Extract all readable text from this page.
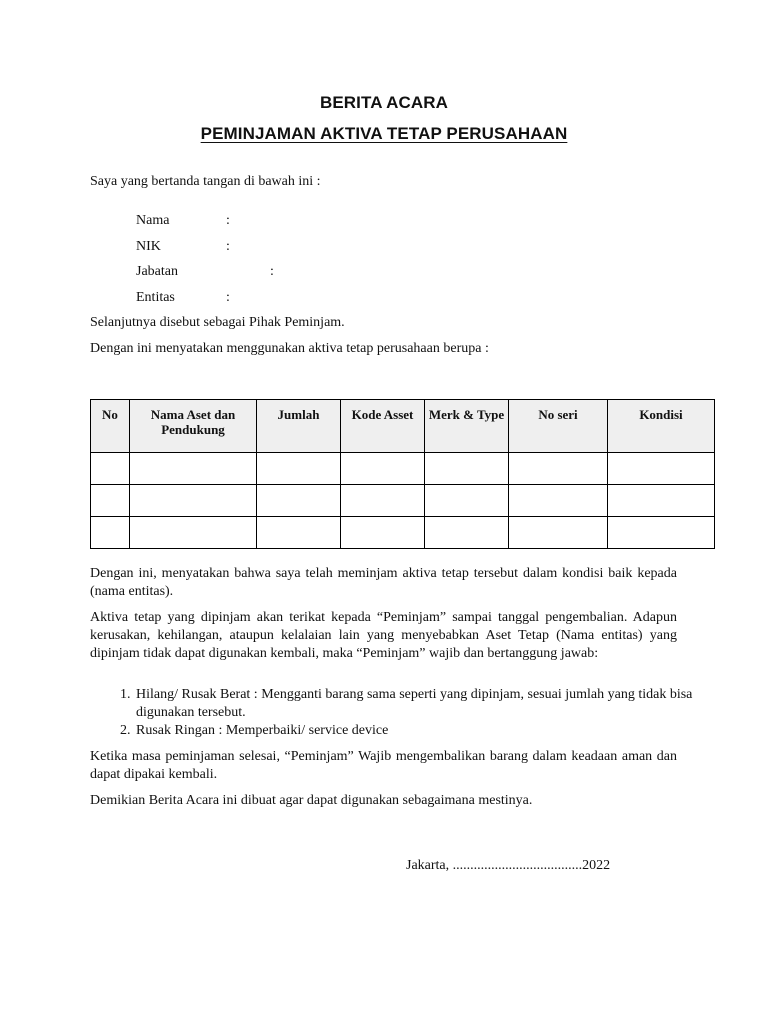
BERITA ACARA
PEMINJAMAN AKTIVA TETAP PERUSAHAAN
Saya yang bertanda tangan di bawah ini :
Nama	:
NIK	:
Jabatan	:
Entitas	:
Selanjutnya disebut sebagai Pihak Peminjam.
Dengan ini menyatakan menggunakan aktiva tetap perusahaan berupa :
No	Nama Aset dan Pendukung	Jumlah	Kode Asset	Merk & Type	No seri	Kondisi

Dengan ini, menyatakan bahwa saya telah meminjam aktiva tetap tersebut dalam kondisi baik kepada (nama entitas).

Aktiva tetap yang dipinjam akan terikat kepada “Peminjam” sampai tanggal pengembalian. Adapun kerusakan, kehilangan, ataupun kelalaian lain yang menyebabkan Aset Tetap (Nama entitas) yang dipinjam tidak dapat digunakan kembali, maka “Peminjam” wajib dan bertanggung jawab:

1. Hilang/ Rusak Berat : Mengganti barang sama seperti yang dipinjam, sesuai jumlah yang tidak bisa digunakan tersebut.
2. Rusak Ringan : Memperbaiki/ service device

Ketika masa peminjaman selesai, “Peminjam” Wajib mengembalikan barang dalam keadaan aman dan dapat dipakai kembali.

Demikian Berita Acara ini dibuat agar dapat digunakan sebagaimana mestinya.

Jakarta, .....................................2022
